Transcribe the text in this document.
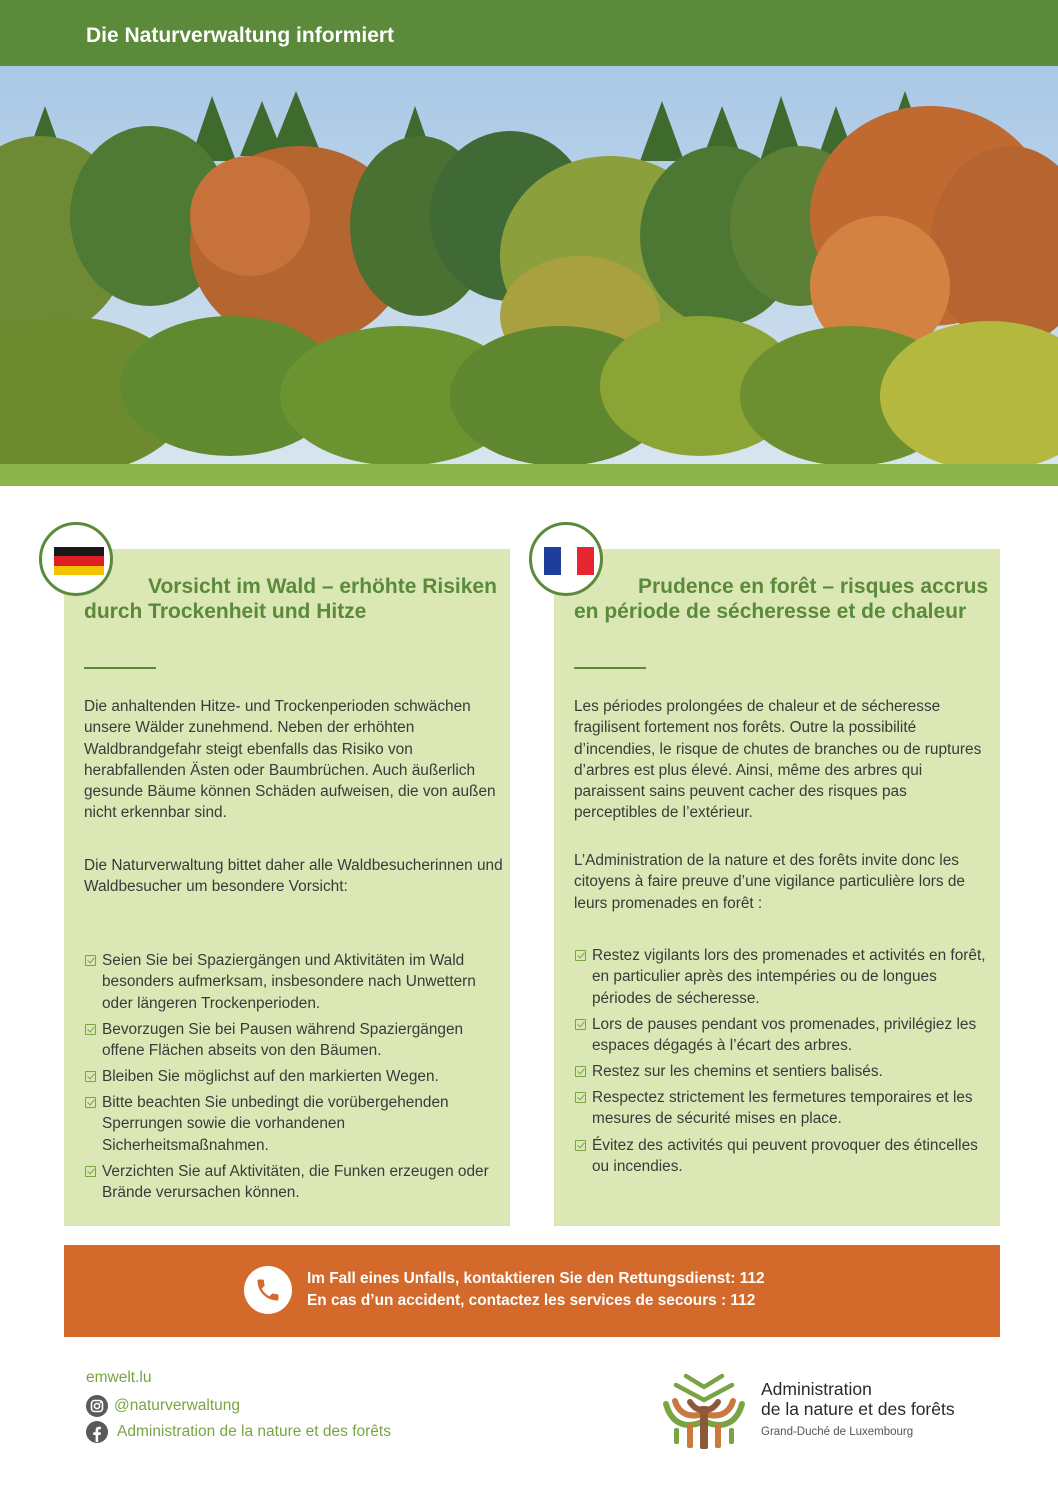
Die Naturverwaltung informiert
Vorsicht im Wald – erhöhte Risiken durch Trockenheit und Hitze
Die anhaltenden Hitze- und Trockenperioden schwächen unsere Wälder zunehmend. Neben der erhöhten Waldbrandgefahr steigt ebenfalls das Risiko von herabfallenden Ästen oder Baumbrüchen. Auch äußerlich gesunde Bäume können Schäden aufweisen, die von außen nicht erkennbar sind.
Die Naturverwaltung bittet daher alle Waldbesucherinnen und Waldbesucher um besondere Vorsicht:
Seien Sie bei Spaziergängen und Aktivitäten im Wald besonders aufmerksam, insbesondere nach Unwettern oder längeren Trockenperioden.
Bevorzugen Sie bei Pausen während Spaziergängen offene Flächen abseits von den Bäumen.
Bleiben Sie möglichst auf den markierten Wegen.
Bitte beachten Sie unbedingt die vorübergehenden Sperrungen sowie die vorhandenen Sicherheitsmaßnahmen.
Verzichten Sie auf Aktivitäten, die Funken erzeugen oder Brände verursachen können.
Prudence en forêt – risques accrus en période de sécheresse et de chaleur
Les périodes prolongées de chaleur et de sécheresse fragilisent fortement nos forêts. Outre la possibilité d’incendies, le risque de chutes de branches ou de ruptures d’arbres est plus élevé. Ainsi, même des arbres qui paraissent sains peuvent cacher des risques pas perceptibles de l’extérieur.
L’Administration de la nature et des forêts invite donc les citoyens à faire preuve d’une vigilance particulière lors de leurs promenades en forêt :
Restez vigilants lors des promenades et activités en forêt, en particulier après des intempéries ou de longues périodes de sécheresse.
Lors de pauses pendant vos promenades, privilégiez les espaces dégagés à l’écart des arbres.
Restez sur les chemins et sentiers balisés.
Respectez strictement les fermetures temporaires et les mesures de sécurité mises en place.
Évitez des activités qui peuvent provoquer des étincelles ou incendies.
Im Fall eines Unfalls, kontaktieren Sie den Rettungsdienst: 112
En cas d’un accident, contactez les services de secours : 112
emwelt.lu
@naturverwaltung
Administration de la nature et des forêts
Administration
de la nature et des forêts
Grand-Duché de Luxembourg
